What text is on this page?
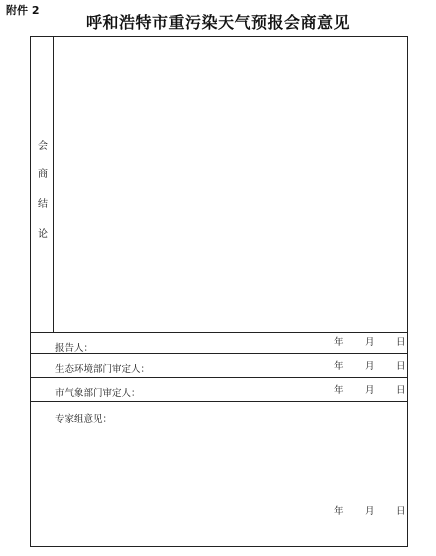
附件 2
呼和浩特市重污染天气预报会商意见
会
商
结
论
报告人：
年 月 日
生态环境部门审定人：	年 月 日
市气象部门审定人：	年 月 日
专家组意见：
年 月 日
